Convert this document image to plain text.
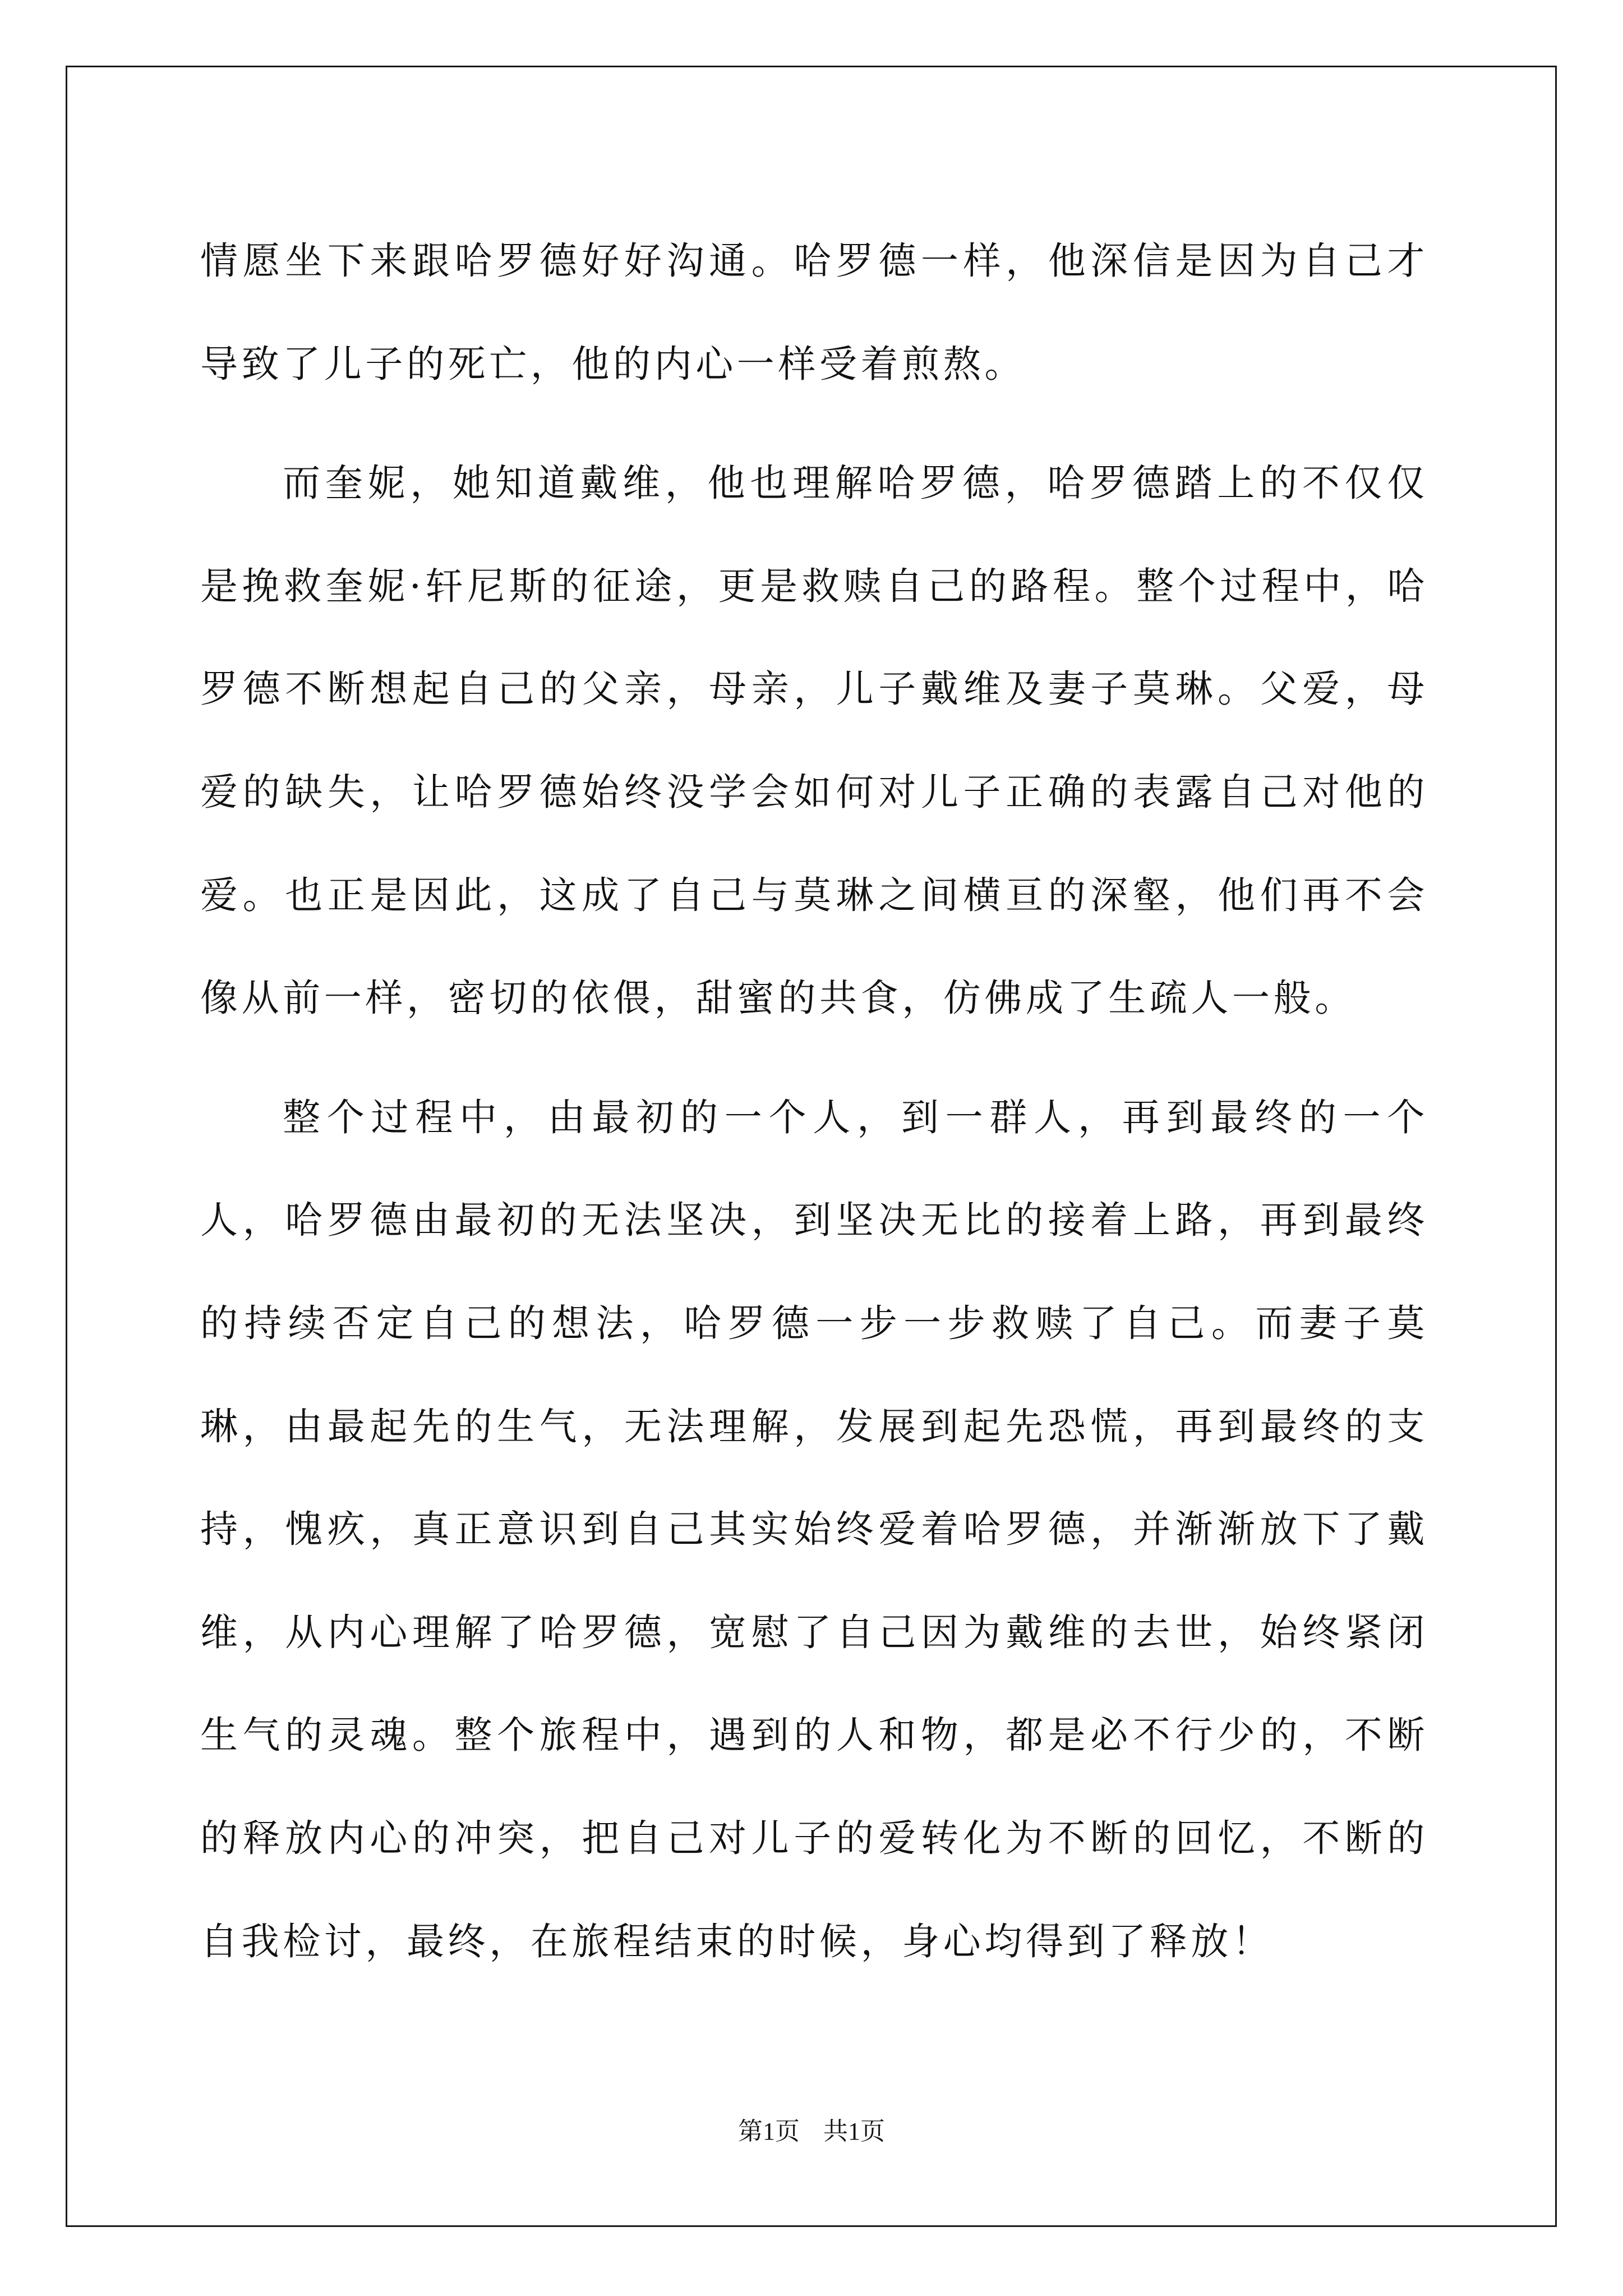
情愿坐下来跟哈罗德好好沟通。哈罗德一样，他深信是因为自己才导致了儿子的死亡，他的内心一样受着煎熬。

而奎妮，她知道戴维，他也理解哈罗德，哈罗德踏上的不仅仅是挽救奎妮·轩尼斯的征途，更是救赎自己的路程。整个过程中，哈罗德不断想起自己的父亲，母亲，儿子戴维及妻子莫琳。父爱，母爱的缺失，让哈罗德始终没学会如何对儿子正确的表露自己对他的爱。也正是因此，这成了自己与莫琳之间横亘的深壑，他们再不会像从前一样，密切的依偎，甜蜜的共食，仿佛成了生疏人一般。

整个过程中，由最初的一个人，到一群人，再到最终的一个人，哈罗德由最初的无法坚决，到坚决无比的接着上路，再到最终的持续否定自己的想法，哈罗德一步一步救赎了自己。而妻子莫琳，由最起先的生气，无法理解，发展到起先恐慌，再到最终的支持，愧疚，真正意识到自己其实始终爱着哈罗德，并渐渐放下了戴维，从内心理解了哈罗德，宽慰了自己因为戴维的去世，始终紧闭生气的灵魂。整个旅程中，遇到的人和物，都是必不行少的，不断的释放内心的冲突，把自己对儿子的爱转化为不断的回忆，不断的自我检讨，最终，在旅程结束的时候，身心均得到了释放！

第1页 共1页
